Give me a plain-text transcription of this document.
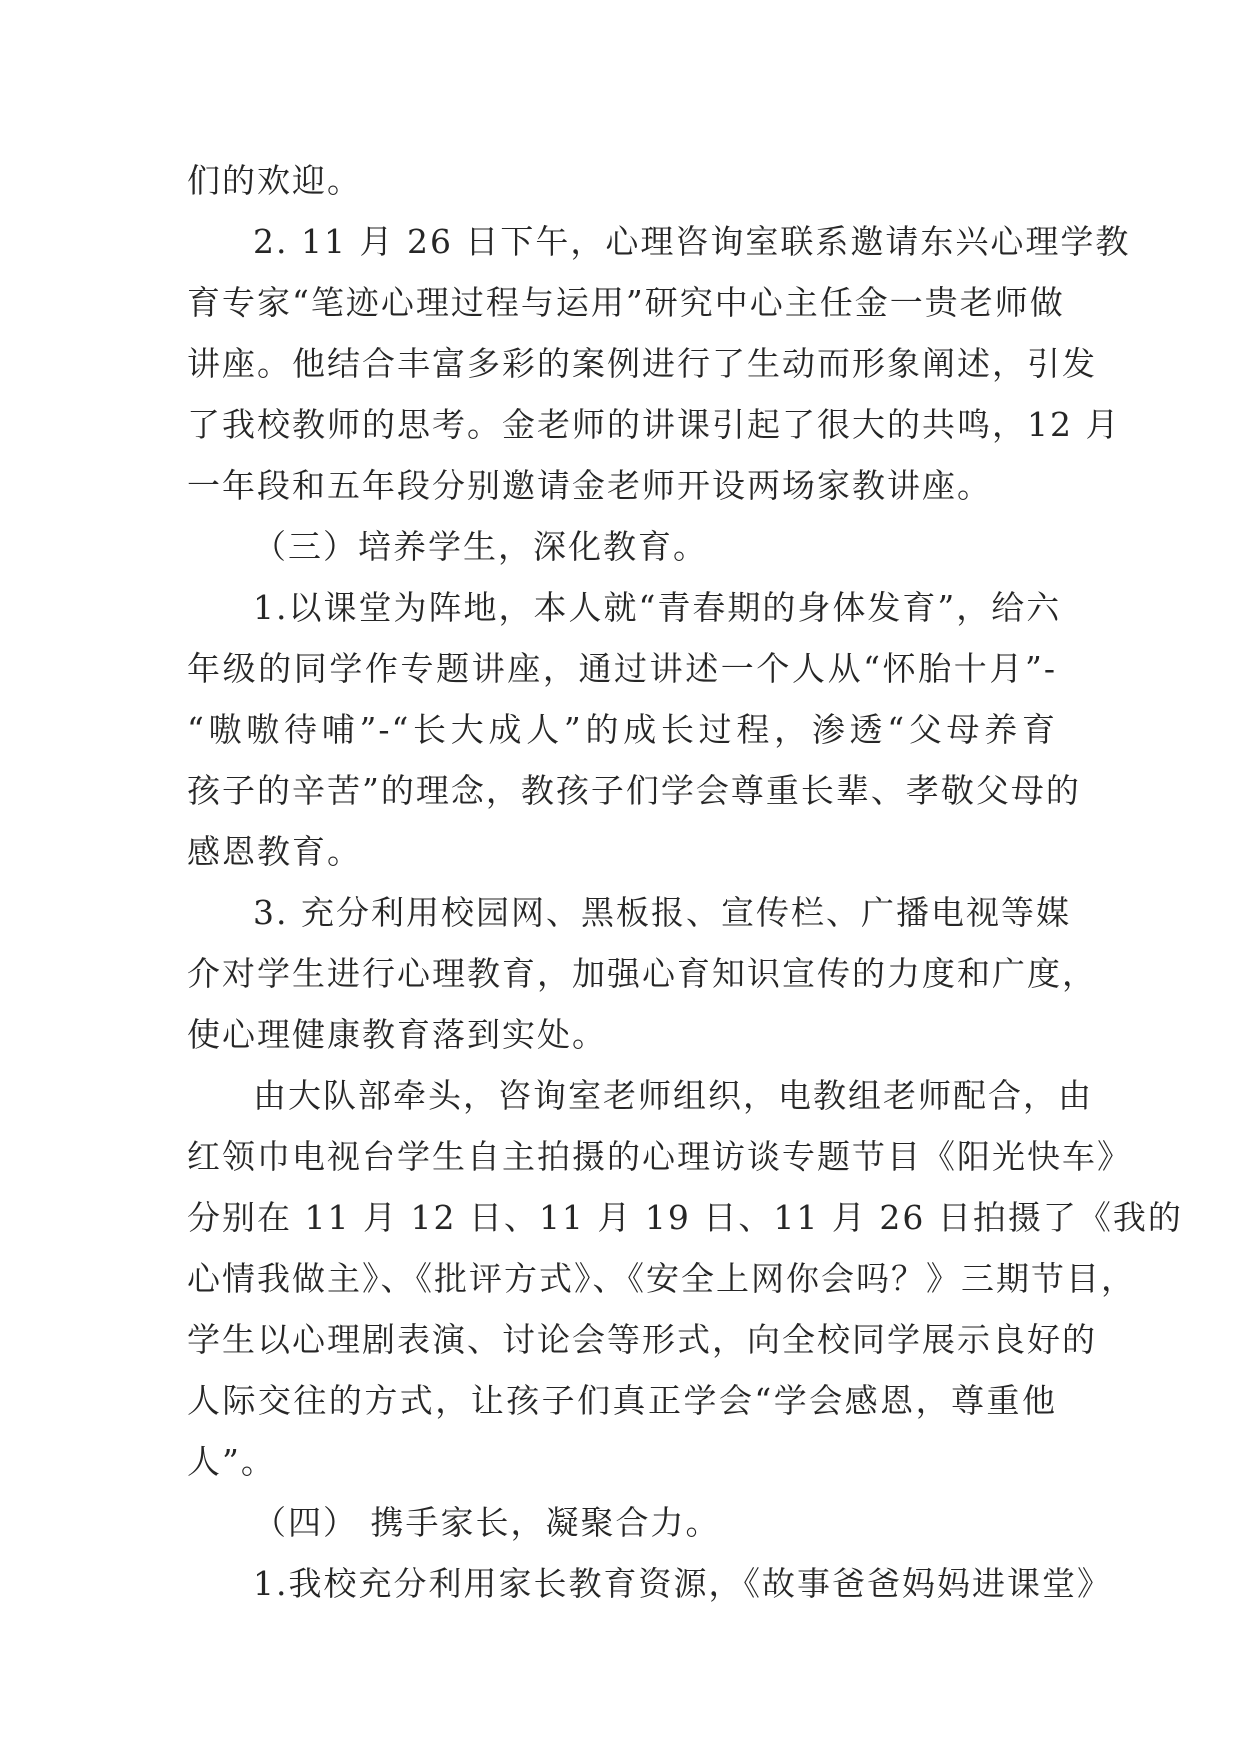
们的欢迎。
2. 11 月 26 日下午，心理咨询室联系邀请东兴心理学教
育专家“笔迹心理过程与运用”研究中心主任金一贵老师做
讲座。他结合丰富多彩的案例进行了生动而形象阐述，引发
了我校教师的思考。金老师的讲课引起了很大的共鸣，12 月
一年段和五年段分别邀请金老师开设两场家教讲座。
（三）培养学生，深化教育。
1.以课堂为阵地，本人就“青春期的身体发育”，给六
年级的同学作专题讲座，通过讲述一个人从“怀胎十月”-
“嗷嗷待哺”-“长大成人”的成长过程，渗透“父母养育
孩子的辛苦”的理念，教孩子们学会尊重长辈、孝敬父母的
感恩教育。
3. 充分利用校园网、黑板报、宣传栏、广播电视等媒
介对学生进行心理教育，加强心育知识宣传的力度和广度，
使心理健康教育落到实处。
由大队部牵头，咨询室老师组织，电教组老师配合，由
红领巾电视台学生自主拍摄的心理访谈专题节目《阳光快车》
分别在 11 月 12 日、11 月 19 日、11 月 26 日拍摄了《我的
心情我做主》、《批评方式》、《安全上网你会吗？》三期节目，
学生以心理剧表演、讨论会等形式，向全校同学展示良好的
人际交往的方式，让孩子们真正学会“学会感恩，尊重他
人”。
（四） 携手家长，凝聚合力。
1.我校充分利用家长教育资源，《故事爸爸妈妈进课堂》
